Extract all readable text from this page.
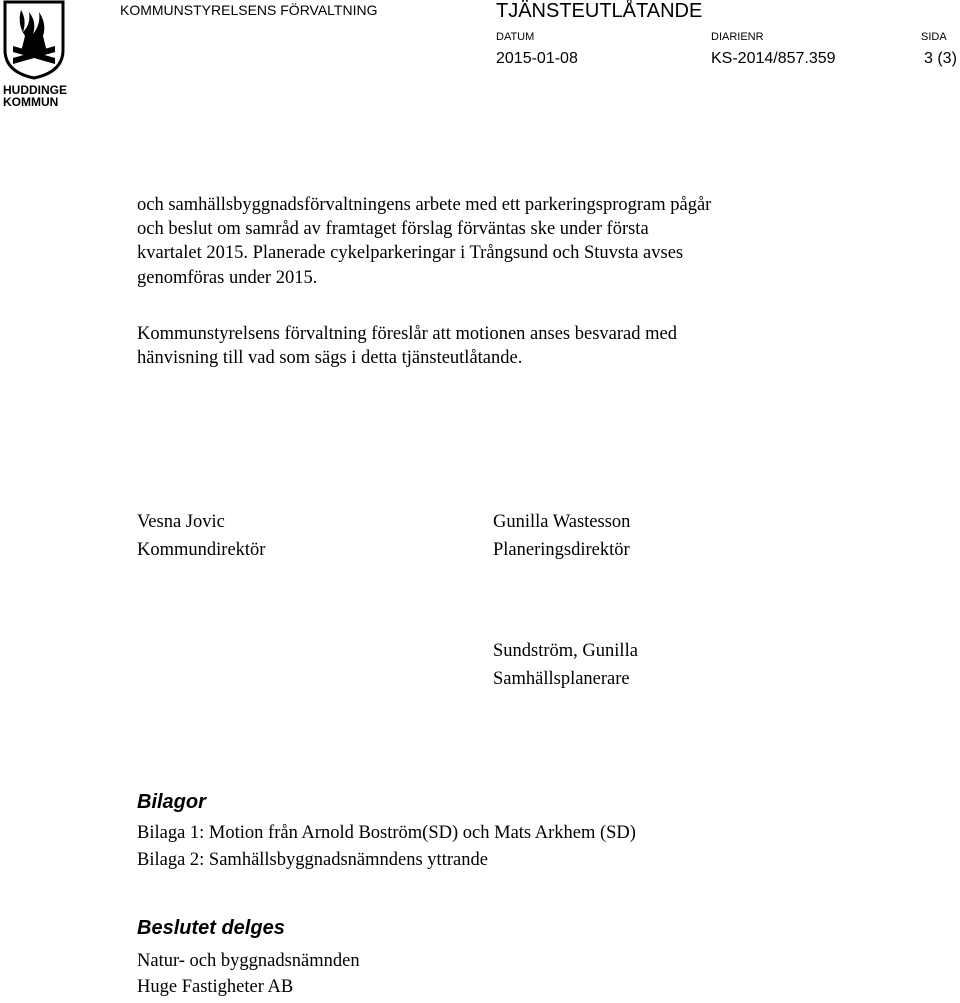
HUDDINGE
KOMMUN
KOMMUNSTYRELSENS FÖRVALTNING	TJÄNSTEUTLÅTANDE
DATUM	DIARIENR	SIDA
2015-01-08	KS-2014/857.359	3 (3)

och samhällsbyggnadsförvaltningens arbete med ett parkeringsprogram pågår

och beslut om samråd av framtaget förslag förväntas ske under första

kvartalet 2015. Planerade cykelparkeringar i Trångsund och Stuvsta avses

genomföras under 2015.

Kommunstyrelsens förvaltning föreslår att motionen anses besvarad med

hänvisning till vad som sägs i detta tjänsteutlåtande.

Vesna Jovic
Kommundirektör
Gunilla Wastesson
Planeringsdirektör
Sundström, Gunilla
Samhällsplanerare
Bilagor
Bilaga 1: Motion från Arnold Boström(SD) och Mats Arkhem (SD)
Bilaga 2: Samhällsbyggnadsnämndens yttrande
Beslutet delges
Natur- och byggnadsnämnden
Huge Fastigheter AB
